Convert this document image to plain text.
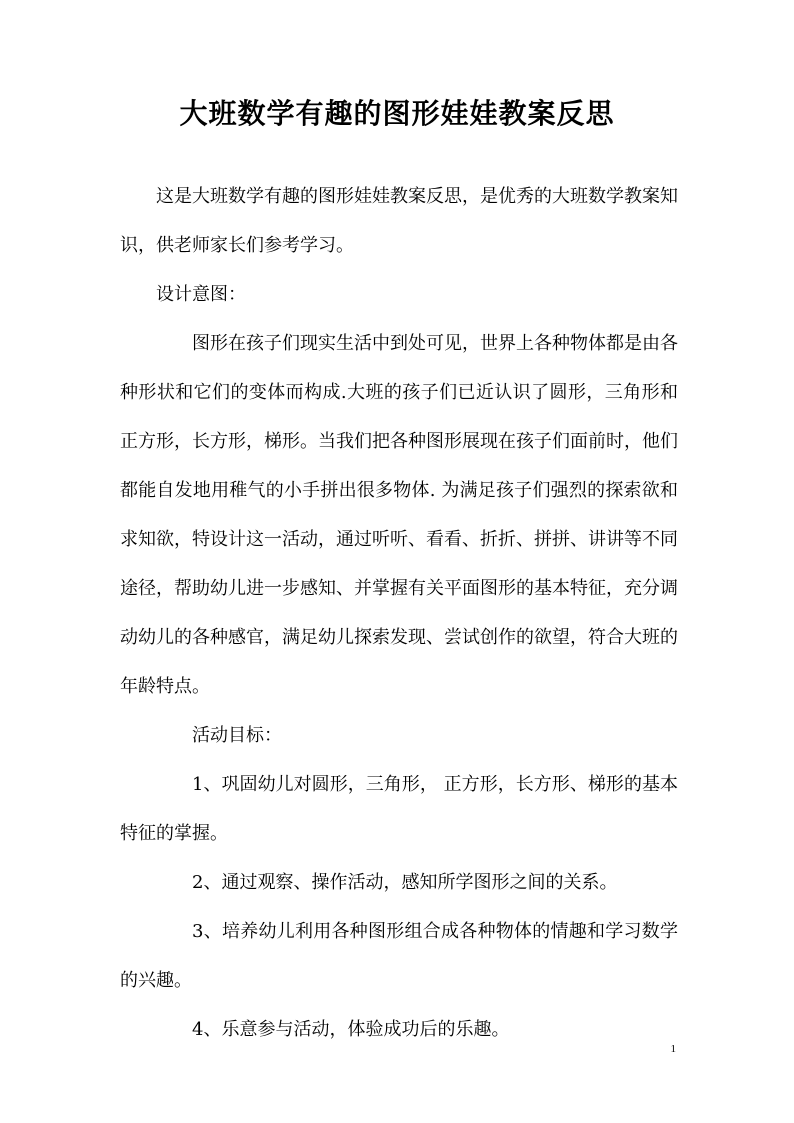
大班数学有趣的图形娃娃教案反思

这是大班数学有趣的图形娃娃教案反思，是优秀的大班数学教案知识，供老师家长们参考学习。

设计意图：

图形在孩子们现实生活中到处可见，世界上各种物体都是由各种形状和它们的变体而构成.大班的孩子们已近认识了圆形，三角形和正方形，长方形，梯形。当我们把各种图形展现在孩子们面前时，他们都能自发地用稚气的小手拼出很多物体. 为满足孩子们强烈的探索欲和求知欲，特设计这一活动，通过听听、看看、折折、拼拼、讲讲等不同途径，帮助幼儿进一步感知、并掌握有关平面图形的基本特征，充分调动幼儿的各种感官，满足幼儿探索发现、尝试创作的欲望，符合大班的年龄特点。

活动目标：

1、巩固幼儿对圆形，三角形， 正方形，长方形、梯形的基本特征的掌握。

2、通过观察、操作活动，感知所学图形之间的关系。

3、培养幼儿利用各种图形组合成各种物体的情趣和学习数学的兴趣。

4、乐意参与活动，体验成功后的乐趣。

1
